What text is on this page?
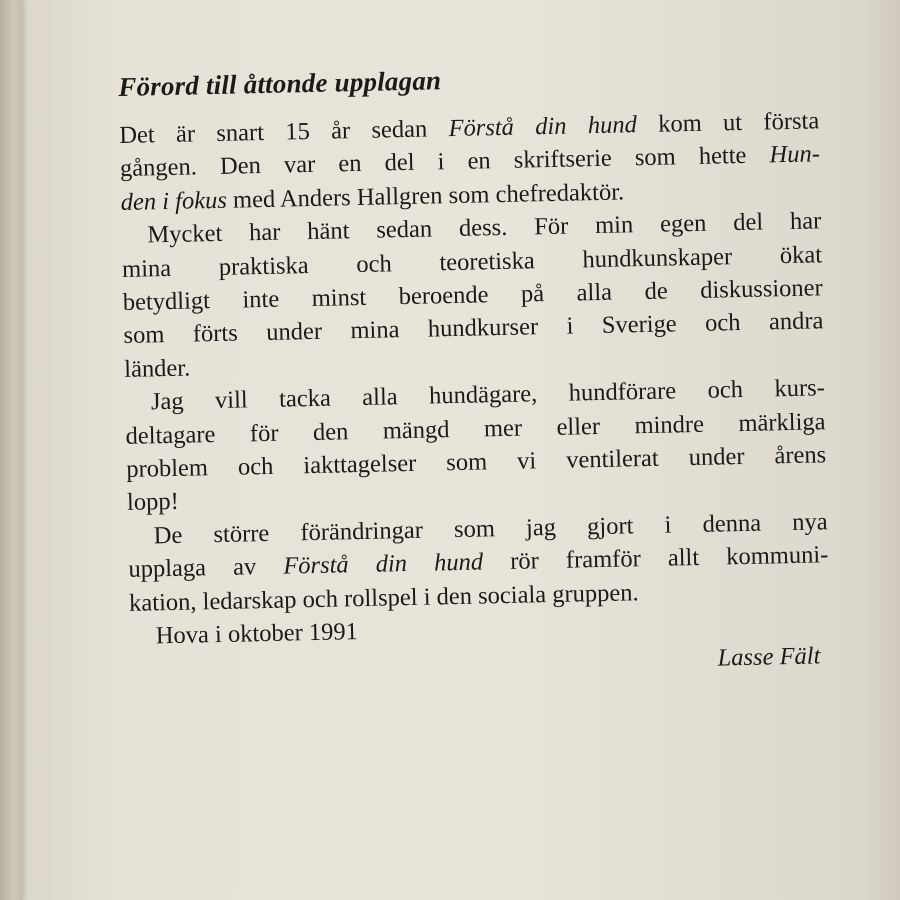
Förord till åttonde upplagan
Det är snart 15 år sedan Förstå din hund kom ut första
gången. Den var en del i en skriftserie som hette Hun-
den i fokus med Anders Hallgren som chefredaktör.
Mycket har hänt sedan dess. För min egen del har
mina praktiska och teoretiska hundkunskaper ökat
betydligt inte minst beroende på alla de diskussioner
som förts under mina hundkurser i Sverige och andra
länder.
Jag vill tacka alla hundägare, hundförare och kurs-
deltagare för den mängd mer eller mindre märkliga
problem och iakttagelser som vi ventilerat under årens
lopp!
De större förändringar som jag gjort i denna nya
upplaga av Förstå din hund rör framför allt kommuni-
kation, ledarskap och rollspel i den sociala gruppen.
Hova i oktober 1991
Lasse Fält
